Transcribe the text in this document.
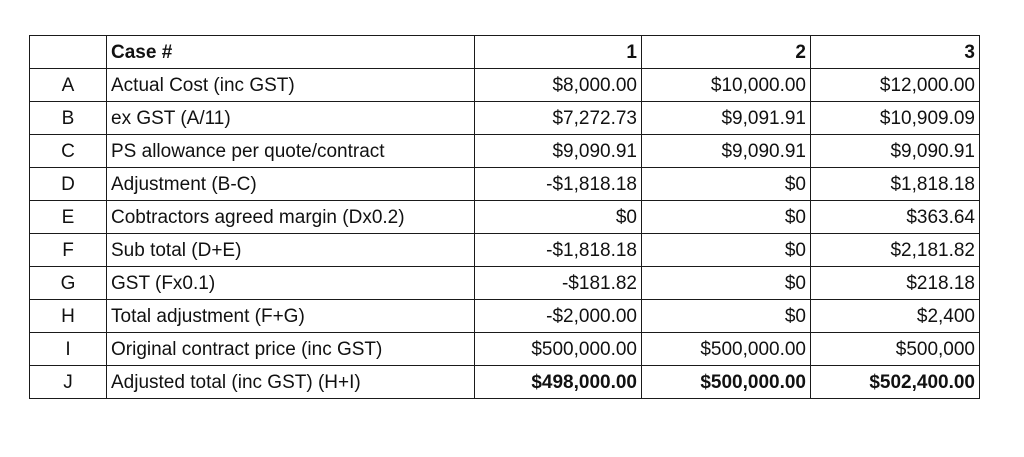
	Case #	1	2	3
A	Actual Cost (inc GST)	$8,000.00	$10,000.00	$12,000.00
B	ex GST (A/11)	$7,272.73	$9,091.91	$10,909.09
C	PS allowance per quote/contract	$9,090.91	$9,090.91	$9,090.91
D	Adjustment (B-C)	-$1,818.18	$0	$1,818.18
E	Cobtractors agreed margin (Dx0.2)	$0	$0	$363.64
F	Sub total (D+E)	-$1,818.18	$0	$2,181.82
G	GST (Fx0.1)	-$181.82	$0	$218.18
H	Total adjustment (F+G)	-$2,000.00	$0	$2,400
I	Original contract price (inc GST)	$500,000.00	$500,000.00	$500,000
J	Adjusted total (inc GST) (H+I)	$498,000.00	$500,000.00	$502,400.00
